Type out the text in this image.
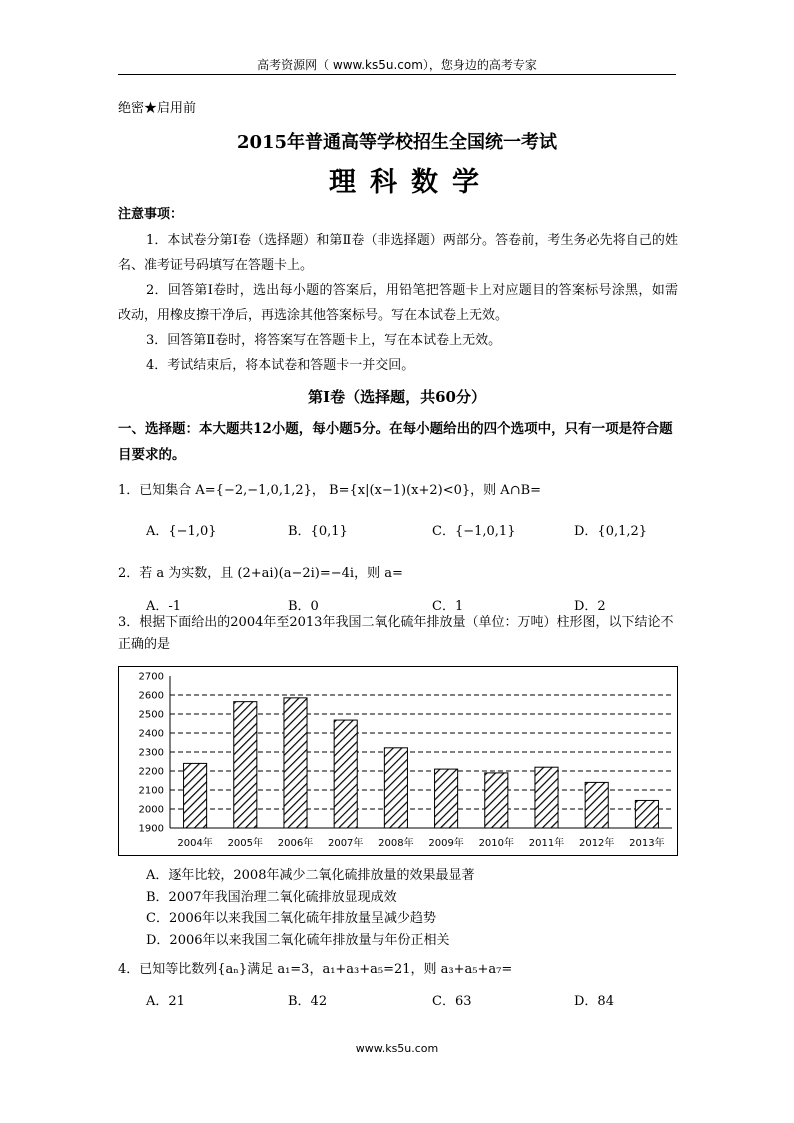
高考资源网（ www.ks5u.com），您身边的高考专家
绝密★启用前
2015年普通高等学校招生全国统一考试
理科数学
注意事项：

1．本试卷分第Ⅰ卷（选择题）和第Ⅱ卷（非选择题）两部分。答卷前，考生务必先将自己的姓名、准考证号码填写在答题卡上。

2．回答第Ⅰ卷时，选出每小题的答案后，用铅笔把答题卡上对应题目的答案标号涂黑，如需改动，用橡皮擦干净后，再选涂其他答案标号。写在本试卷上无效。

3．回答第Ⅱ卷时，将答案写在答题卡上，写在本试卷上无效。

4．考试结束后，将本试卷和答题卡一并交回。

第Ⅰ卷（选择题，共60分）
一、选择题：本大题共12小题，每小题5分。在每小题给出的四个选项中，只有一项是符合题目要求的。
1．已知集合 A={−2,−1,0,1,2}， B={x|(x−1)(x+2)<0}，则 A∩B=
A．{−1,0}	B．{0,1}	C．{−1,0,1}	D．{0,1,2}
2．若 a 为实数，且 (2+ai)(a−2i)=−4i，则 a=
A．-1	B．0	C．1	D．2
3．根据下面给出的2004年至2013年我国二氧化硫年排放量（单位：万吨）柱形图，以下结论不正确的是
1900
2000
2100
2200
2300
2400
2500
2600
2700
2004年 2005年 2006年 2007年 2008年 2009年 2010年 2011年 2012年 2013年
A．逐年比较，2008年减少二氧化硫排放量的效果最显著
B．2007年我国治理二氧化硫排放显现成效
C．2006年以来我国二氧化硫年排放量呈减少趋势
D．2006年以来我国二氧化硫年排放量与年份正相关
4．已知等比数列{aₙ}满足 a₁=3，a₁+a₃+a₅=21，则 a₃+a₅+a₇=
A．21	B．42	C．63	D．84
www.ks5u.com
